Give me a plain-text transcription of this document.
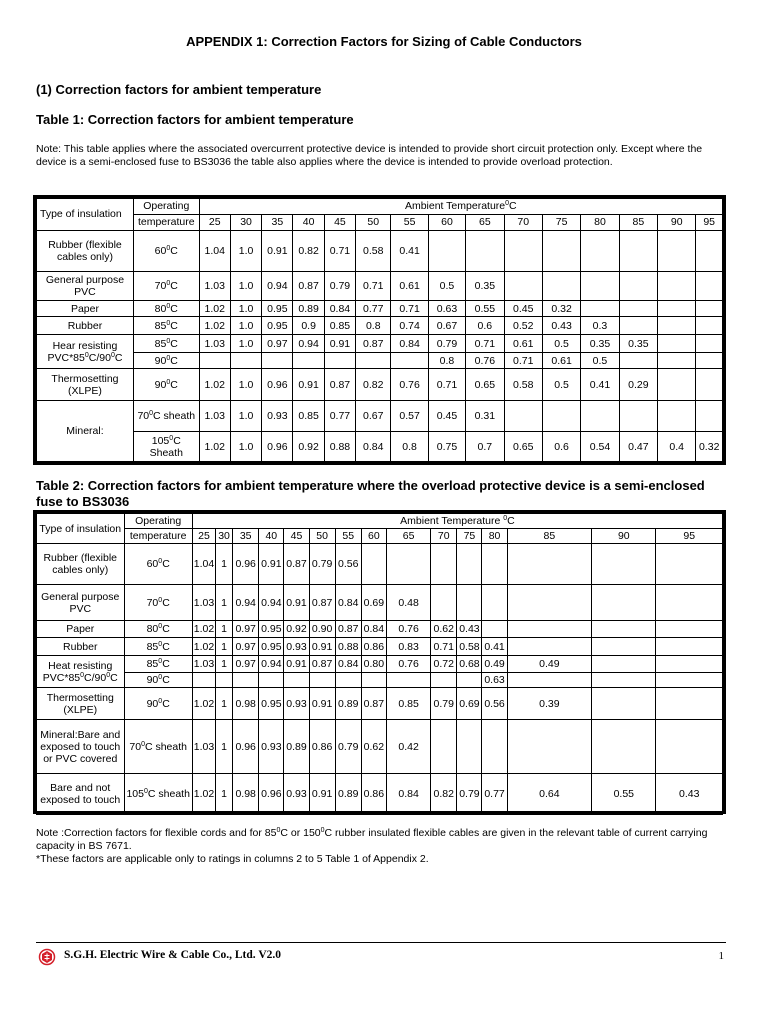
APPENDIX 1: Correction Factors for Sizing of Cable Conductors
(1) Correction factors for ambient temperature
Table 1: Correction factors for ambient temperature
Note: This table applies where the associated overcurrent protective device is intended to provide short circuit protection only. Except where the device is a semi-enclosed fuse to BS3036 the table also applies where the device is intended to provide overload protection.
Type of insulation	Operating	Ambient Temperature$^0$C														
	temperature	25	30	35	40	45	50	55	60	65	70	75	80	85	90	95
Rubber (flexible cables only)	$60^0C$	1.04	1.0	0.91	0.82	0.71	0.58	0.41								
General purpose PVC	$70^0C$	1.03	1.0	0.94	0.87	0.79	0.71	0.61	0.5	0.35						
Paper	$80^0C$	1.02	1.0	0.95	0.89	0.84	0.77	0.71	0.63	0.55	0.45	0.32				
Rubber	$85^0C$	1.02	1.0	0.95	0.9	0.85	0.8	0.74	0.67	0.6	0.52	0.43	0.3			
Hear resisting $PVC*85^0C/90^0C$	$85^0C$	1.03	1.0	0.97	0.94	0.91	0.87	0.84	0.79	0.71	0.61	0.5	0.35	0.35		
	$90^0C$								0.8	0.76	0.71	0.61	0.5			
Thermosetting (XLPE)	$90^0C$	1.02	1.0	0.96	0.91	0.87	0.82	0.76	0.71	0.65	0.58	0.5	0.41	0.29		
Mineral:	$70^0C$ sheath	1.03	1.0	0.93	0.85	0.77	0.67	0.57	0.45	0.31						
	$105^0C$ Sheath	1.02	1.0	0.96	0.92	0.88	0.84	0.8	0.75	0.7	0.65	0.6	0.54	0.47	0.4	0.32
Table 2: Correction factors for ambient temperature where the overload protective device is a semi-enclosed fuse to BS3036
Type of insulation	Operating	Ambient Temperature $^0$C														
	temperature	25	30	35	40	45	50	55	60	65	70	75	80	85	90	95
Rubber (flexible cables only)	$60^0C$	1.04	1	0.96	0.91	0.87	0.79	0.56								
General purpose PVC	$70^0C$	1.03	1	0.94	0.94	0.91	0.87	0.84	0.69	0.48						
Paper	$80^0C$	1.02	1	0.97	0.95	0.92	0.90	0.87	0.84	0.76	0.62	0.43				
Rubber	$85^0C$	1.02	1	0.97	0.95	0.93	0.91	0.88	0.86	0.83	0.71	0.58	0.41			
Heat resisting $PVC*85^0C/90^0C$	$85^0C$	1.03	1	0.97	0.94	0.91	0.87	0.84	0.80	0.76	0.72	0.68	0.49	0.49		
	$90^0C$												0.63			
Thermosetting (XLPE)	$90^0C$	1.02	1	0.98	0.95	0.93	0.91	0.89	0.87	0.85	0.79	0.69	0.56	0.39		
Mineral:Bare and exposed to touch or PVC covered	$70^0C$ sheath	1.03	1	0.96	0.93	0.89	0.86	0.79	0.62	0.42						
Bare and not exposed to touch	$105^0C$ sheath	1.02	1	0.98	0.96	0.93	0.91	0.89	0.86	0.84	0.82	0.79	0.77	0.64	0.55	0.43
Note :Correction factors for flexible cords and for $85^0C$ or $150^0C$ rubber insulated flexible cables are given in the relevant table of current carrying capacity in BS 7671.
*These factors are applicable only to ratings in columns 2 to 5 Table 1 of Appendix 2.
S.G.H. Electric Wire & Cable Co., Ltd. V2.0	1
